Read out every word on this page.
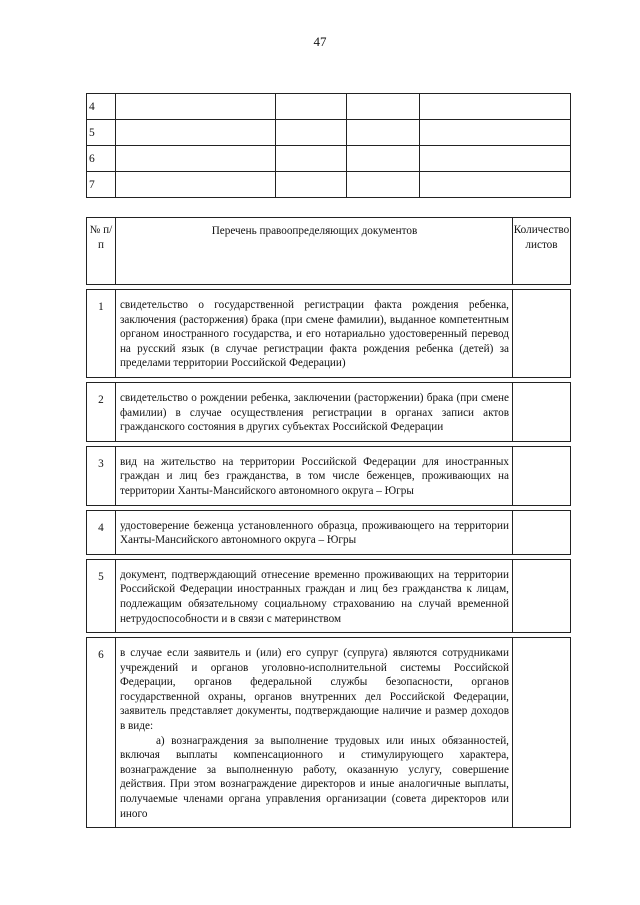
47
4				
5				
6				
7				
№ п/п	Перечень правоопределяющих документов	Количество листов

1	свидетельство о государственной регистрации факта рождения ребенка, заключения (расторжения) брака (при смене фамилии), выданное компетентным органом иностранного государства, и его нотариально удостоверенный перевод на русский язык (в случае регистрации факта рождения ребенка (детей) за пределами территории Российской Федерации)	

2	свидетельство о рождении ребенка, заключении (расторжении) брака (при смене фамилии) в случае осуществления регистрации в органах записи актов гражданского состояния в других субъектах Российской Федерации	

3	вид на жительство на территории Российской Федерации для иностранных граждан и лиц без гражданства, в том числе беженцев, проживающих на территории Ханты-Мансийского автономного округа – Югры	

4	удостоверение беженца установленного образца, проживающего на территории Ханты-Мансийского автономного округа – Югры	

5	документ, подтверждающий отнесение временно проживающих на территории Российской Федерации иностранных граждан и лиц без гражданства к лицам, подлежащим обязательному социальному страхованию на случай временной нетрудоспособности и в связи с материнством	

6	в случае если заявитель и (или) его супруг (супруга) являются сотрудниками учреждений и органов уголовно-исполнительной системы Российской Федерации, органов федеральной службы безопасности, органов государственной охраны, органов внутренних дел Российской Федерации, заявитель представляет документы, подтверждающие наличие и размер доходов в виде:
а) вознаграждения за выполнение трудовых или иных обязанностей, включая выплаты компенсационного и стимулирующего характера, вознаграждение за выполненную работу, оказанную услугу, совершение действия. При этом вознаграждение директоров и иные аналогичные выплаты, получаемые членами органа управления организации (совета директоров или иного	
